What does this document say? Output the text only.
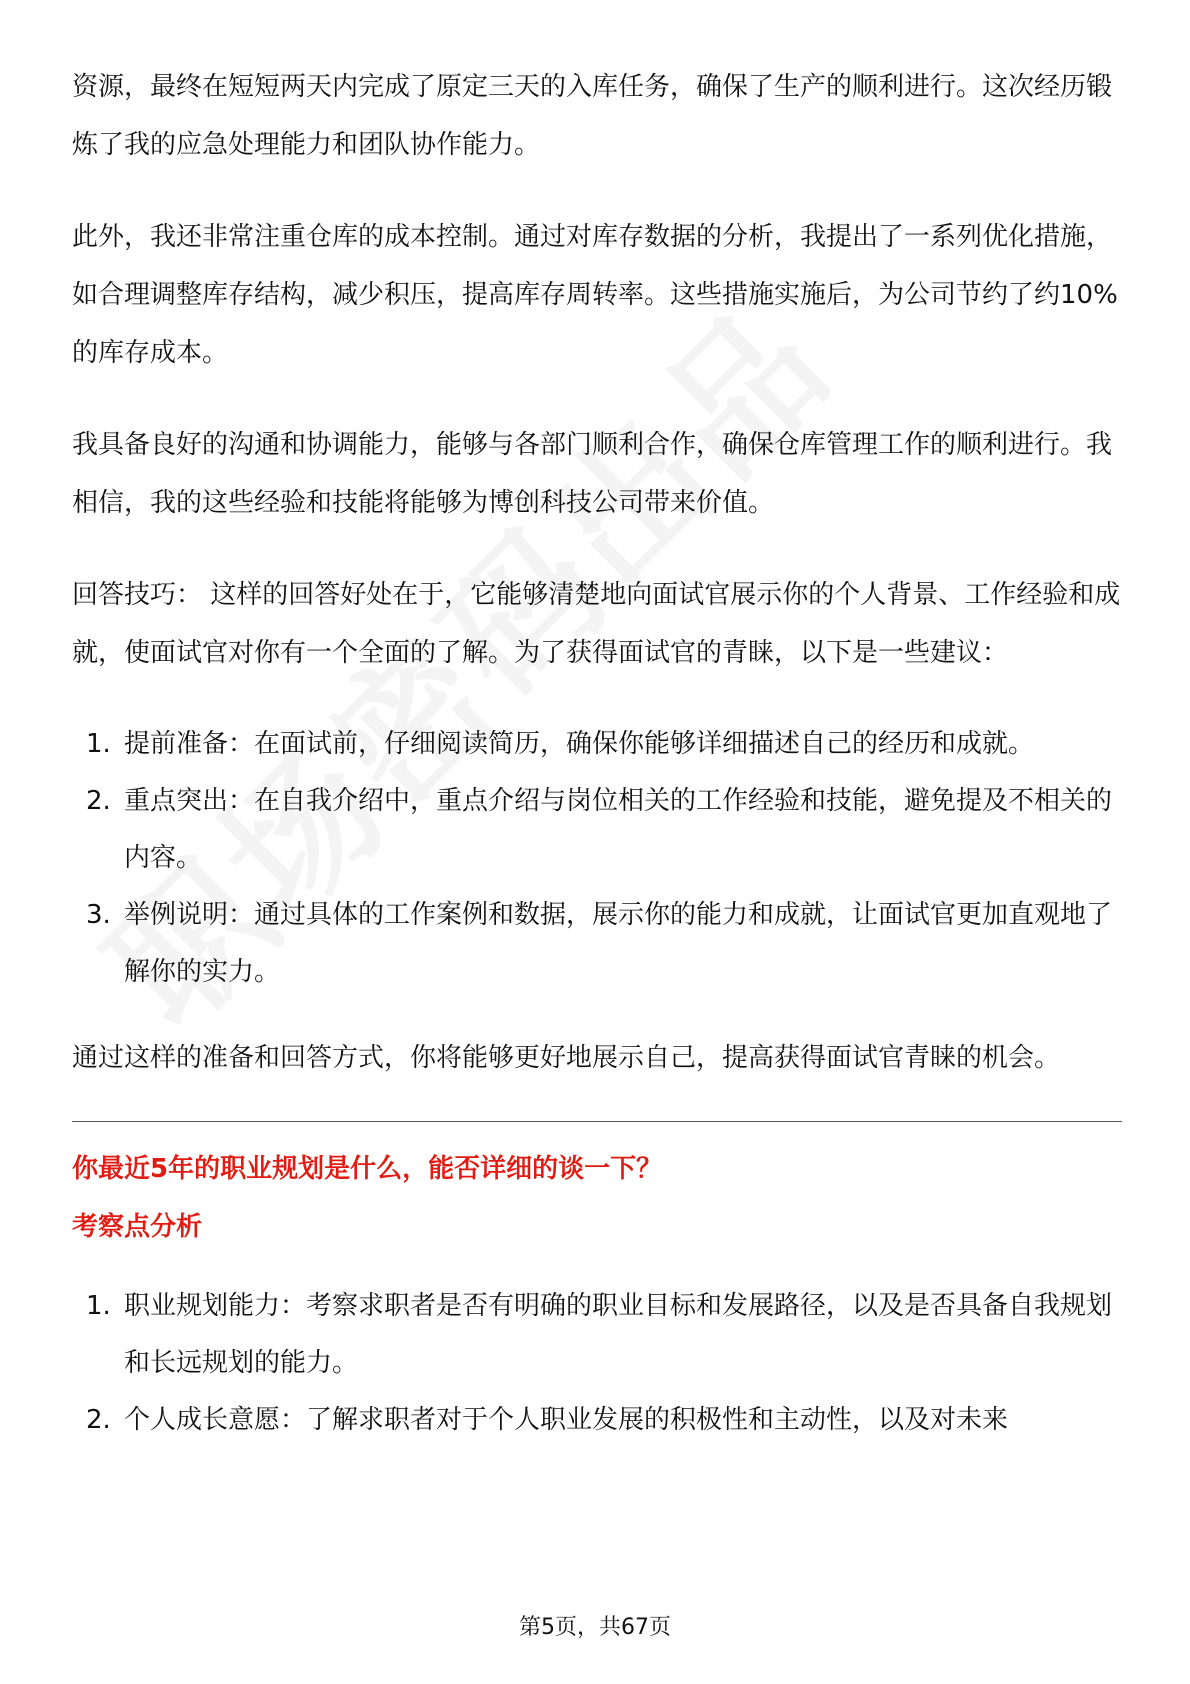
资源，最终在短短两天内完成了原定三天的入库任务，确保了生产的顺利进行。这次经历锻炼了我的应急处理能力和团队协作能力。

此外，我还非常注重仓库的成本控制。通过对库存数据的分析，我提出了一系列优化措施，如合理调整库存结构，减少积压，提高库存周转率。这些措施实施后，为公司节约了约10%的库存成本。

我具备良好的沟通和协调能力，能够与各部门顺利合作，确保仓库管理工作的顺利进行。我相信，我的这些经验和技能将能够为博创科技公司带来价值。

回答技巧： 这样的回答好处在于，它能够清楚地向面试官展示你的个人背景、工作经验和成就，使面试官对你有一个全面的了解。为了获得面试官的青睐，以下是一些建议：

1. 提前准备：在面试前，仔细阅读简历，确保你能够详细描述自己的经历和成就。
2. 重点突出：在自我介绍中，重点介绍与岗位相关的工作经验和技能，避免提及不相关的内容。
3. 举例说明：通过具体的工作案例和数据，展示你的能力和成就，让面试官更加直观地了解你的实力。

通过这样的准备和回答方式，你将能够更好地展示自己，提高获得面试官青睐的机会。

你最近5年的职业规划是什么，能否详细的谈一下？

考察点分析

1. 职业规划能力：考察求职者是否有明确的职业目标和发展路径，以及是否具备自我规划和长远规划的能力。
2. 个人成长意愿：了解求职者对于个人职业发展的积极性和主动性，以及对未来
第5页，共67页
